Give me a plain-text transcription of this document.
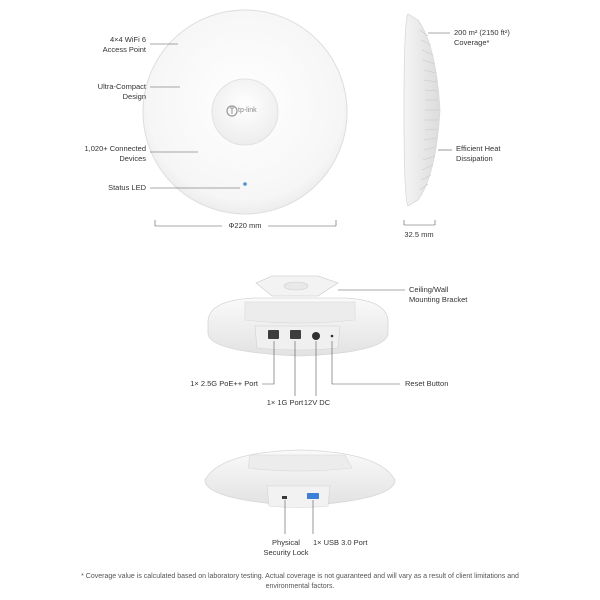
tp-link
4×4 WiFi 6
Access Point
Ultra-Compact
Design
1,020+ Connected
Devices
Status LED
Φ220 mm
200 m² (2150 ft²)
Coverage*
Efficient Heat
Dissipation
32.5 mm
Ceiling/Wall
Mounting Bracket
1× 2.5G PoE++ Port
1× 1G Port 12V DC
Reset Button
Physical
Security Lock
1× USB 3.0 Port
* Coverage value is calculated based on laboratory testing. Actual coverage is not guaranteed and will vary as a result of client limitations and
environmental factors.
